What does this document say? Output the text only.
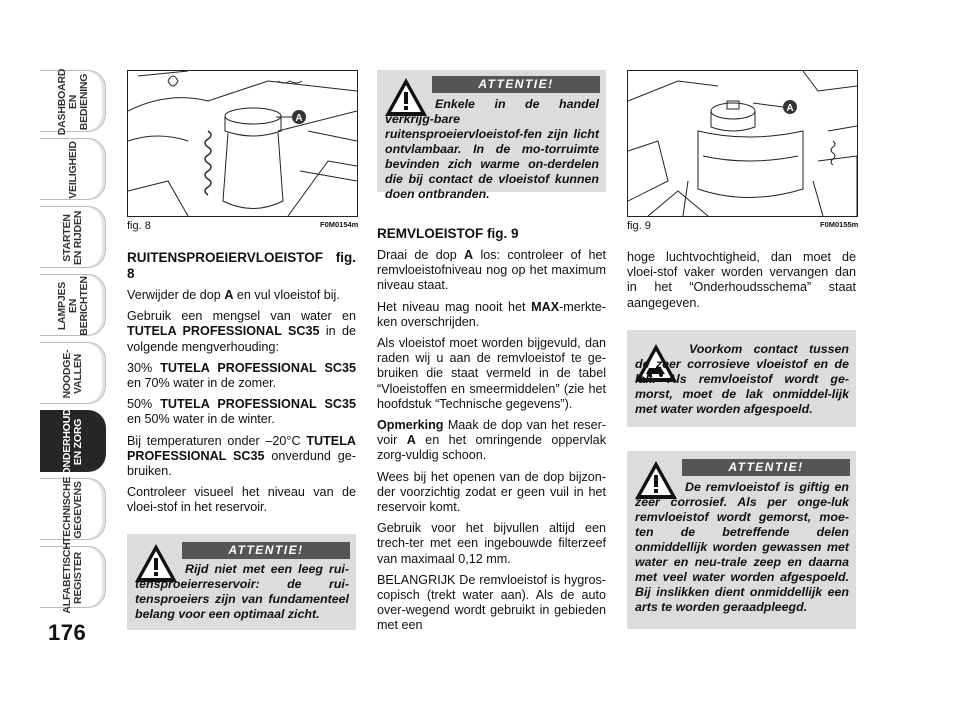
DASHBOARD
EN BEDIENING
VEILIGHEID
STARTEN
EN RIJDEN
LAMPJES
EN BERICHTEN
NOODGE-
VALLEN
ONDERHOUD
EN ZORG
TECHNISCHE
GEGEVENS
ALFABETISCH
REGISTER
176
A
fig. 8	F0M0154m
A
fig. 9	F0M0155m
RUITENSPROEIERVLOEISTOF fig. 8

Verwijder de dop A en vul vloeistof bij.

Gebruik een mengsel van water en TUTELA PROFESSIONAL SC35 in de volgende mengverhouding:

30% TUTELA PROFESSIONAL SC35 en 70% water in de zomer.

50% TUTELA PROFESSIONAL SC35 en 50% water in de winter.

Bij temperaturen onder –20°C TUTELA PROFESSIONAL SC35 onverdund ge-bruiken.

Controleer visueel het niveau van de vloei-stof in het reservoir.

ATTENTIE!
Rijd niet met een leeg rui-tensproeierreservoir: de rui-tensproeiers zijn van fundamenteel belang voor een optimaal zicht.
ATTENTIE!
Enkele in de handel verkrijg-bare ruitensproeiervloeistof-fen zijn licht ontvlambaar. In de mo-torruimte bevinden zich warme on-derdelen die bij contact de vloeistof kunnen doen ontbranden.
REMVLOEISTOF fig. 9

Draai de dop A los: controleer of het remvloeistofniveau nog op het maximum niveau staat.

Het niveau mag nooit het MAX-merkte-ken overschrijden.

Als vloeistof moet worden bijgevuld, dan raden wij u aan de remvloeistof te ge-bruiken die staat vermeld in de tabel “Vloeistoffen en smeermiddelen” (zie het hoofdstuk “Technische gegevens”).

Opmerking Maak de dop van het reser-voir A en het omringende oppervlak zorg-vuldig schoon.

Wees bij het openen van de dop bijzon-der voorzichtig zodat er geen vuil in het reservoir komt.

Gebruik voor het bijvullen altijd een trech-ter met een ingebouwde filterzeef van maximaal 0,12 mm.

BELANGRIJK De remvloeistof is hygros-copisch (trekt water aan). Als de auto over-wegend wordt gebruikt in gebieden met een

hoge luchtvochtigheid, dan moet de vloei-stof vaker worden vervangen dan in het “Onderhoudsschema” staat aangegeven.

Voorkom contact tussen de zeer corrosieve vloeistof en de lak. Als remvloeistof wordt ge-morst, moet de lak onmiddel-lijk met water worden afgespoeld.
ATTENTIE!
De remvloeistof is giftig en zeer corrosief. Als per onge-luk remvloeistof wordt gemorst, moe-ten de betreffende delen onmiddellijk worden gewassen met water en neu-trale zeep en daarna met veel water worden afgespoeld. Bij inslikken dient onmiddellijk een arts te worden geraadpleegd.
